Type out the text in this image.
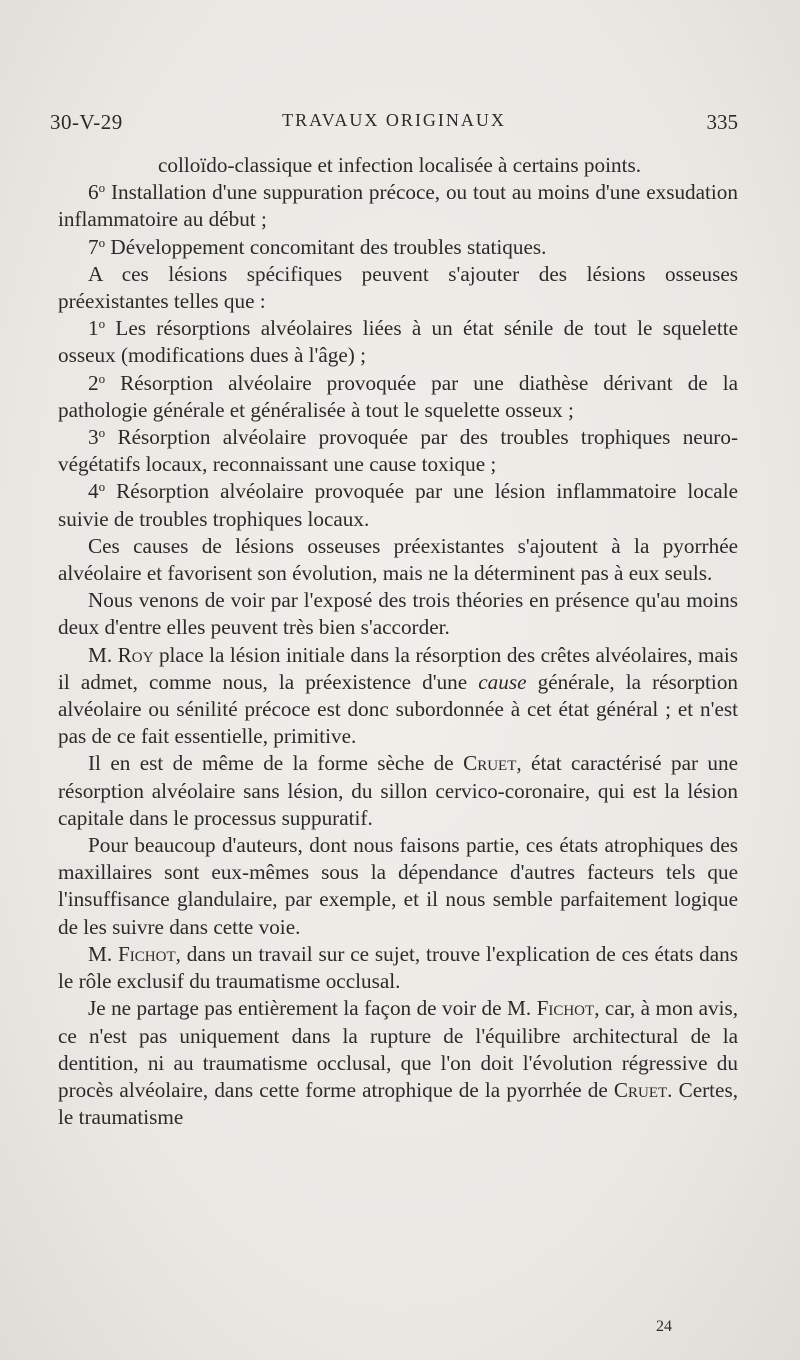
30-V-29	TRAVAUX ORIGINAUX	335

colloïdo-classique et infection localisée à certains points.

6$^o$ Installation d'une suppuration précoce, ou tout au moins d'une exsudation inflammatoire au début ;

7$^o$ Développement concomitant des troubles statiques.

A ces lésions spécifiques peuvent s'ajouter des lésions osseuses préexistantes telles que :

1$^o$ Les résorptions alvéolaires liées à un état sénile de tout le squelette osseux (modifications dues à l'âge) ;

2$^o$ Résorption alvéolaire provoquée par une diathèse dérivant de la pathologie générale et généralisée à tout le squelette osseux ;

3$^o$ Résorption alvéolaire provoquée par des troubles trophiques neuro-végétatifs locaux, reconnaissant une cause toxique ;

4$^o$ Résorption alvéolaire provoquée par une lésion inflammatoire locale suivie de troubles trophiques locaux.

Ces causes de lésions osseuses préexistantes s'ajoutent à la pyorrhée alvéolaire et favorisent son évolution, mais ne la déterminent pas à eux seuls.

Nous venons de voir par l'exposé des trois théories en présence qu'au moins deux d'entre elles peuvent très bien s'accorder.

M. Roy place la lésion initiale dans la résorption des crêtes alvéolaires, mais il admet, comme nous, la préexistence d'une cause générale, la résorption alvéolaire ou sénilité précoce est donc subordonnée à cet état général ; et n'est pas de ce fait essentielle, primitive.

Il en est de même de la forme sèche de Cruet, état caractérisé par une résorption alvéolaire sans lésion, du sillon cervico-coronaire, qui est la lésion capitale dans le processus suppuratif.

Pour beaucoup d'auteurs, dont nous faisons partie, ces états atrophiques des maxillaires sont eux-mêmes sous la dépendance d'autres facteurs tels que l'insuffisance glandulaire, par exemple, et il nous semble parfaitement logique de les suivre dans cette voie.

M. Fichot, dans un travail sur ce sujet, trouve l'explication de ces états dans le rôle exclusif du traumatisme occlusal.

Je ne partage pas entièrement la façon de voir de M. Fichot, car, à mon avis, ce n'est pas uniquement dans la rupture de l'équilibre architectural de la dentition, ni au traumatisme occlusal, que l'on doit l'évolution régressive du procès alvéolaire, dans cette forme atrophique de la pyorrhée de Cruet. Certes, le traumatisme

24
